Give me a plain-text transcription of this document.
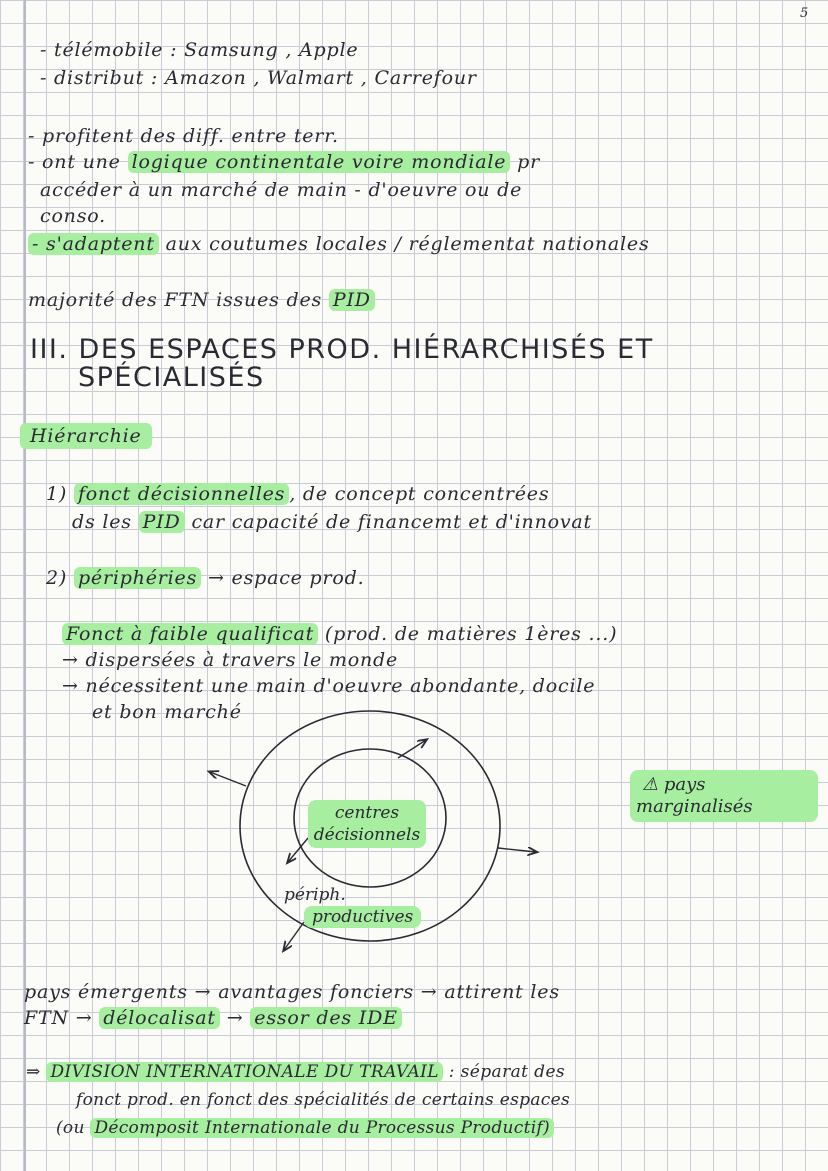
5
- télémobile : Samsung , Apple
- distribut : Amazon , Walmart , Carrefour
- profitent des diff. entre terr.
- ont une logique continentale voire mondiale pr
accéder à un marché de main - d'oeuvre ou de
conso.
- s'adaptent aux coutumes locales / réglementat nationales
majorité des FTN issues des PID
III. DES ESPACES PROD. HIÉRARCHISÉS ET
SPÉCIALISÉS
Hiérarchie
1) fonct décisionnelles , de concept concentrées
ds les PID car capacité de financemt et d'innovat
2) périphéries → espace prod.
Fonct à faible qualificat (prod. de matières 1ères ...)
→ dispersées à travers le monde
→ nécessitent une main d'oeuvre abondante, docile
et bon marché
centres
décisionnels
périph.
productives
⚠ pays
marginalisés
pays émergents → avantages fonciers → attirent les
FTN → délocalisat → essor des IDE
⇒ DIVISION INTERNATIONALE DU TRAVAIL : séparat des
fonct prod. en fonct des spécialités de certains espaces
(ou Décomposit Internationale du Processus Productif)
